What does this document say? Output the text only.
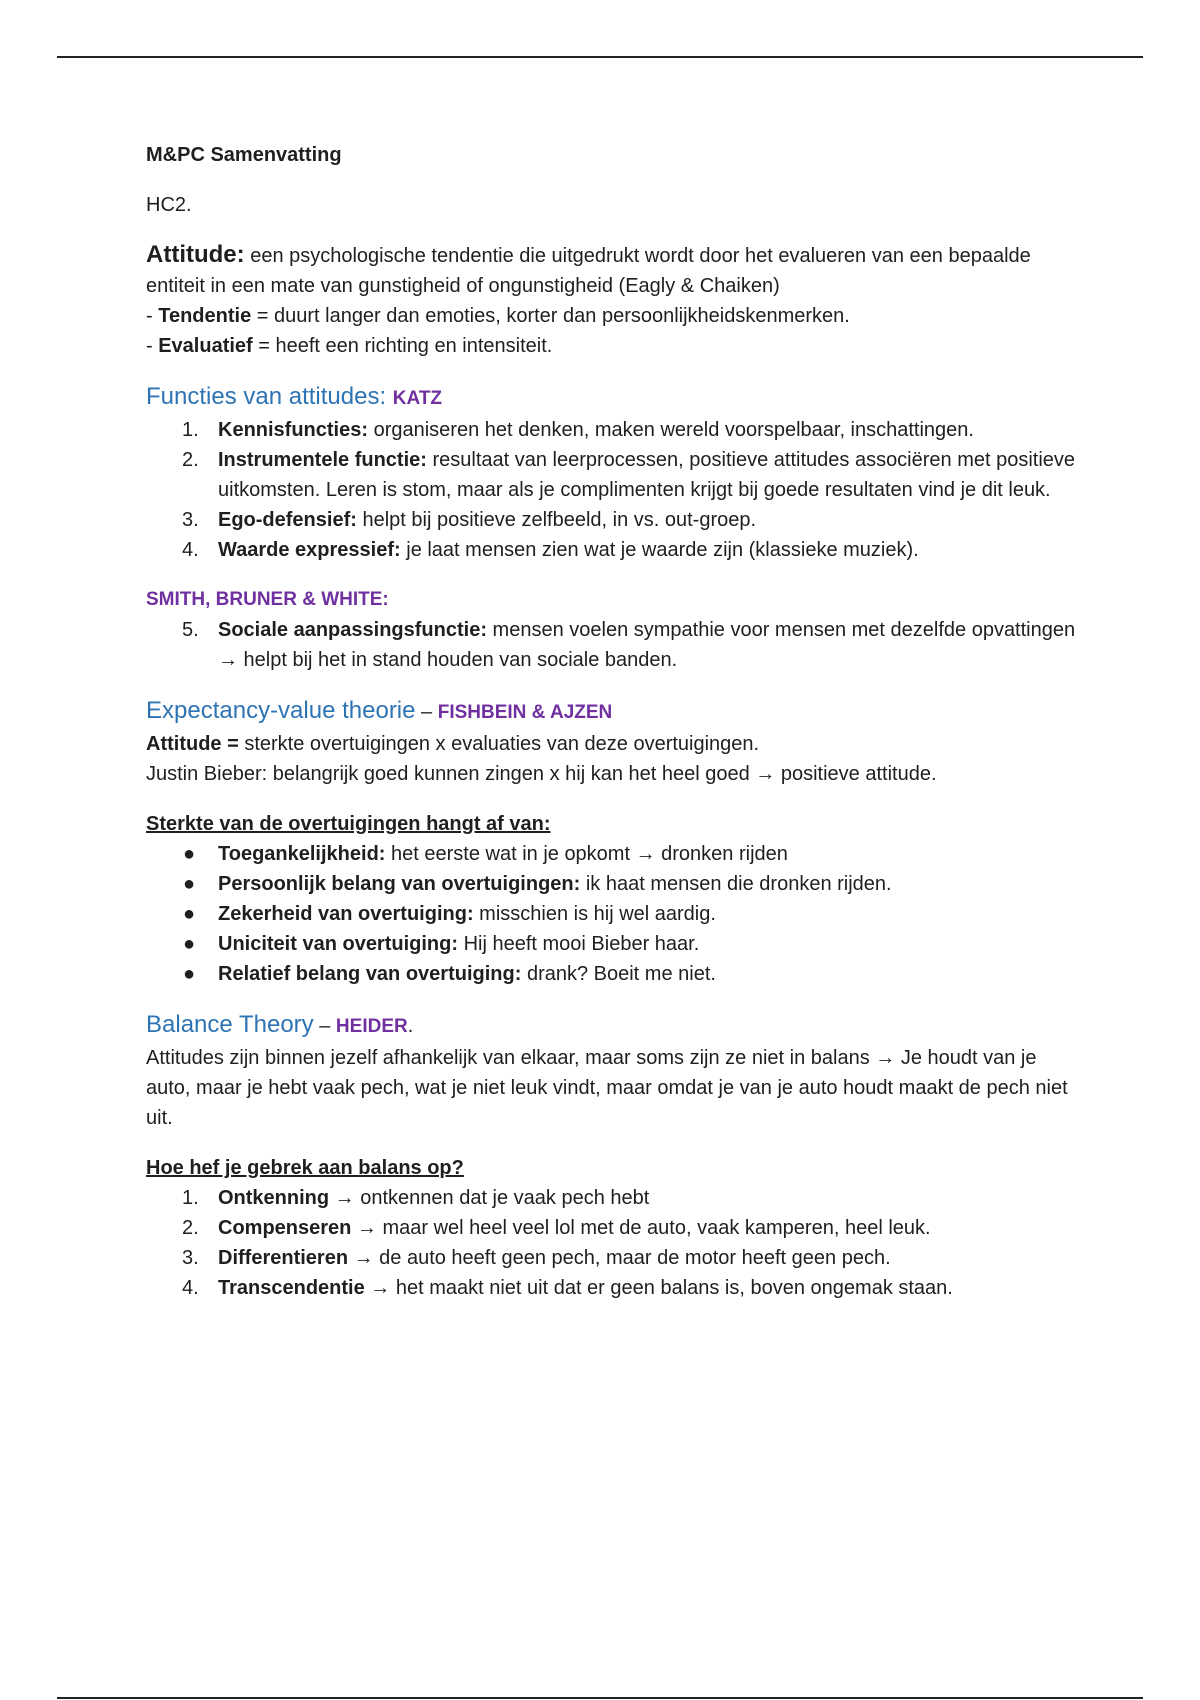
M&PC Samenvatting

HC2.

Attitude: een psychologische tendentie die uitgedrukt wordt door het evalueren van een bepaalde entiteit in een mate van gunstigheid of ongunstigheid (Eagly & Chaiken)

- Tendentie = duurt langer dan emoties, korter dan persoonlijkheidskenmerken.

- Evaluatief = heeft een richting en intensiteit.

Functies van attitudes: KATZ

1. Kennisfuncties: organiseren het denken, maken wereld voorspelbaar, inschattingen.
2. Instrumentele functie: resultaat van leerprocessen, positieve attitudes associëren met positieve uitkomsten. Leren is stom, maar als je complimenten krijgt bij goede resultaten vind je dit leuk.
3. Ego-defensief: helpt bij positieve zelfbeeld, in vs. out-groep.
4. Waarde expressief: je laat mensen zien wat je waarde zijn (klassieke muziek).

SMITH, BRUNER & WHITE:

5. Sociale aanpassingsfunctie: mensen voelen sympathie voor mensen met dezelfde opvattingen → helpt bij het in stand houden van sociale banden.

Expectancy-value theorie – FISHBEIN & AJZEN

Attitude = sterkte overtuigingen x evaluaties van deze overtuigingen.

Justin Bieber: belangrijk goed kunnen zingen x hij kan het heel goed → positieve attitude.

Sterkte van de overtuigingen hangt af van:

● Toegankelijkheid: het eerste wat in je opkomt → dronken rijden
● Persoonlijk belang van overtuigingen: ik haat mensen die dronken rijden.
● Zekerheid van overtuiging: misschien is hij wel aardig.
● Uniciteit van overtuiging: Hij heeft mooi Bieber haar.
● Relatief belang van overtuiging: drank? Boeit me niet.

Balance Theory – HEIDER.

Attitudes zijn binnen jezelf afhankelijk van elkaar, maar soms zijn ze niet in balans → Je houdt van je auto, maar je hebt vaak pech, wat je niet leuk vindt, maar omdat je van je auto houdt maakt de pech niet uit.

Hoe hef je gebrek aan balans op?

1. Ontkenning → ontkennen dat je vaak pech hebt
2. Compenseren → maar wel heel veel lol met de auto, vaak kamperen, heel leuk.
3. Differentieren → de auto heeft geen pech, maar de motor heeft geen pech.
4. Transcendentie → het maakt niet uit dat er geen balans is, boven ongemak staan.
